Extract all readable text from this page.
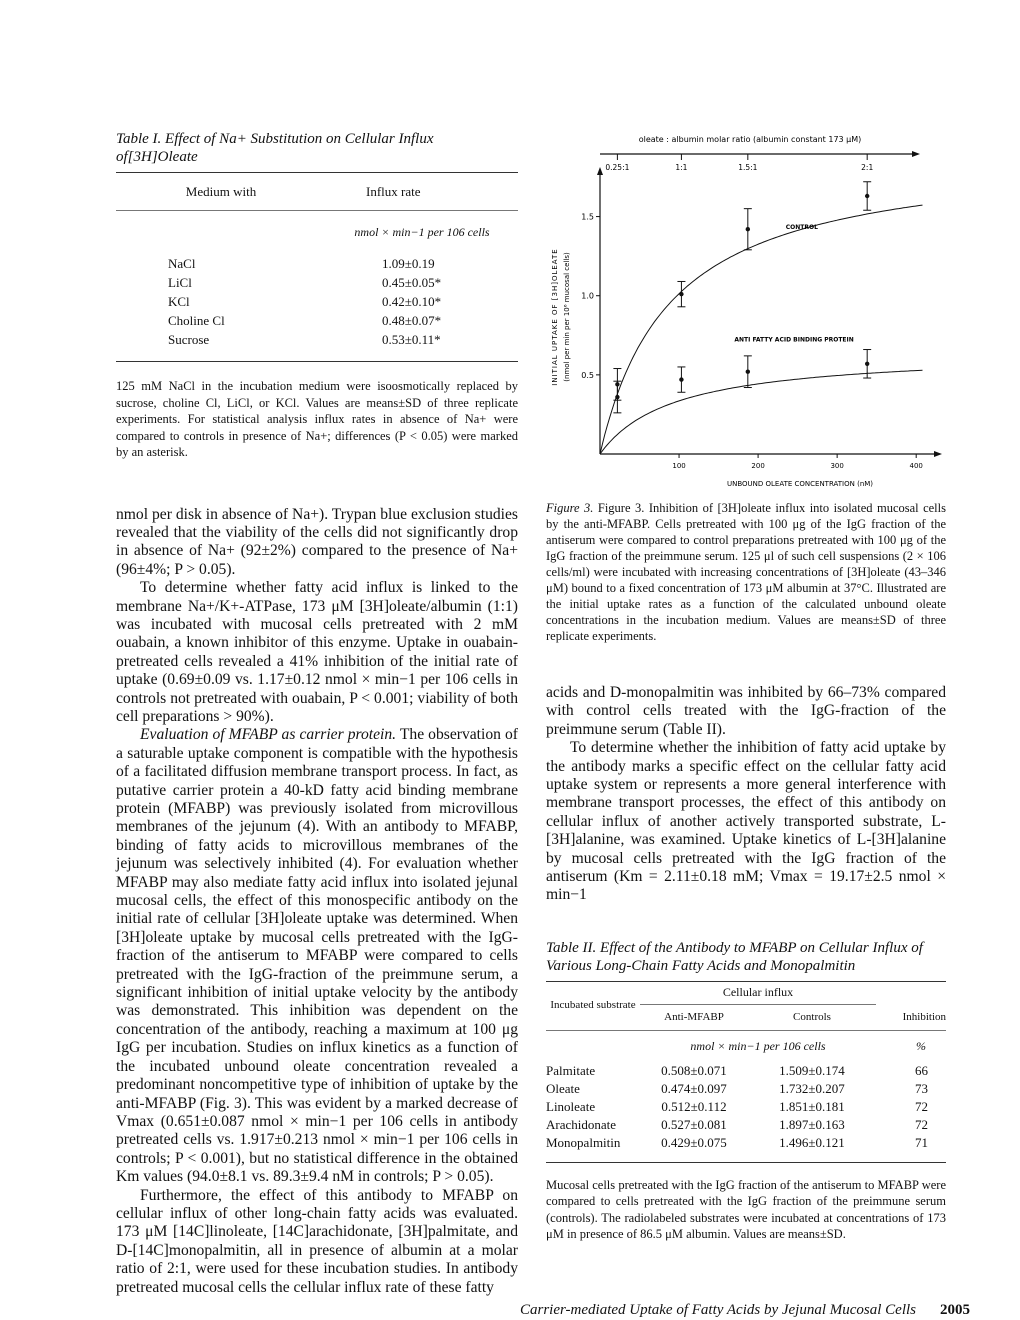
Table I. Effect of Na+ Substitution on Cellular Influx of[3H]Oleate

Medium with	Influx rate
	nmol × min−1 per 106 cells
NaCl	1.09±0.19
LiCl	0.45±0.05*
KCl	0.42±0.10*
Choline Cl	0.48±0.07*
Sucrose	0.53±0.11*

125 mM NaCl in the incubation medium were isoosmotically replaced by sucrose, choline Cl, LiCl, or KCl. Values are means±SD of three replicate experiments. For statistical analysis influx rates in absence of Na+ were compared to controls in presence of Na+; differences (P < 0.05) were marked by an asterisk.

nmol per disk in absence of Na+). Trypan blue exclusion studies revealed that the viability of the cells did not significantly drop in absence of Na+ (92±2%) compared to the presence of Na+ (96±4%; P > 0.05).

To determine whether fatty acid influx is linked to the membrane Na+/K+-ATPase, 173 μM [3H]oleate/albumin (1:1) was incubated with mucosal cells pretreated with 2 mM ouabain, a known inhibitor of this enzyme. Uptake in ouabain-pretreated cells revealed a 41% inhibition of the initial rate of uptake (0.69±0.09 vs. 1.17±0.12 nmol × min−1 per 106 cells in controls not pretreated with ouabain, P < 0.001; viability of both cell preparations > 90%).

Evaluation of MFABP as carrier protein. The observation of a saturable uptake component is compatible with the hypothesis of a facilitated diffusion membrane transport process. In fact, as putative carrier protein a 40-kD fatty acid binding membrane protein (MFABP) was previously isolated from microvillous membranes of the jejunum (4). With an antibody to MFABP, binding of fatty acids to microvillous membranes of the jejunum was selectively inhibited (4). For evaluation whether MFABP may also mediate fatty acid influx into isolated jejunal mucosal cells, the effect of this monospecific antibody on the initial rate of cellular [3H]oleate uptake was determined. When [3H]oleate uptake by mucosal cells pretreated with the IgG-fraction of the antiserum to MFABP were compared to cells pretreated with the IgG-fraction of the preimmune serum, a significant inhibition of initial uptake velocity by the antibody was demonstrated. This inhibition was dependent on the concentration of the antibody, reaching a maximum at 100 μg IgG per incubation. Studies on influx kinetics as a function of the incubated unbound oleate concentration revealed a predominant noncompetitive type of inhibition of uptake by the anti-MFABP (Fig. 3). This was evident by a marked decrease of Vmax (0.651±0.087 nmol × min−1 per 106 cells in antibody pretreated cells vs. 1.917±0.213 nmol × min−1 per 106 cells in controls; P < 0.001), but no statistical difference in the obtained Km values (94.0±8.1 vs. 89.3±9.4 nM in controls; P > 0.05).

Furthermore, the effect of this antibody to MFABP on cellular influx of other long-chain fatty acids was evaluated. 173 μM [14C]linoleate, [14C]arachidonate, [3H]palmitate, and D-[14C]monopalmitin, all in presence of albumin at a molar ratio of 2:1, were used for these incubation studies. In antibody pretreated mucosal cells the cellular influx rate of these fatty

oleate : albumin molar ratio (albumin constant 173 μM)
0.25:1	1:1	1.5:1	2:1
100	200	300	400
0.5
1.0
1.5
CONTROL
ANTI FATTY ACID BINDING PROTEIN
INITIAL UPTAKE OF [3H]OLEATE (nmol per min per 10⁶ mucosal cells)
UNBOUND OLEATE CONCENTRATION (nM)

Figure 3. Figure 3. Inhibition of [3H]oleate influx into isolated mucosal cells by the anti-MFABP. Cells pretreated with 100 μg of the IgG fraction of the antiserum were compared to control preparations pretreated with 100 μg of the IgG fraction of the preimmune serum. 125 μl of such cell suspensions (2 × 106 cells/ml) were incubated with increasing concentrations of [3H]oleate (43–346 μM) bound to a fixed concentration of 173 μM albumin at 37°C. Illustrated are the initial uptake rates as a function of the calculated unbound oleate concentrations in the incubation medium. Values are means±SD of three replicate experiments.

acids and D-monopalmitin was inhibited by 66–73% compared with control cells treated with the IgG-fraction of the preimmune serum (Table II).

To determine whether the inhibition of fatty acid uptake by the antibody marks a specific effect on the cellular fatty acid uptake system or represents a more general interference with membrane transport processes, the effect of this antibody on cellular influx of another actively transported substrate, L-[3H]alanine, was examined. Uptake kinetics of L-[3H]alanine by mucosal cells pretreated with the IgG fraction of the antiserum (Km = 2.11±0.18 mM; Vmax = 19.17±2.5 nmol × min−1

Table II. Effect of the Antibody to MFABP on Cellular Influx of Various Long-Chain Fatty Acids and Monopalmitin

Incubated substrate	Cellular influx		
	Anti-MFABP	Controls	Inhibition
	nmol × min−1 per 106 cells		%
Palmitate	0.508±0.071	1.509±0.174	66
Oleate	0.474±0.097	1.732±0.207	73
Linoleate	0.512±0.112	1.851±0.181	72
Arachidonate	0.527±0.081	1.897±0.163	72
Monopalmitin	0.429±0.075	1.496±0.121	71

Mucosal cells pretreated with the IgG fraction of the antiserum to MFABP were compared to cells pretreated with the IgG fraction of the preimmune serum (controls). The radiolabeled substrates were incubated at concentrations of 173 μM in presence of 86.5 μM albumin. Values are means±SD.

Carrier-mediated Uptake of Fatty Acids by Jejunal Mucosal Cells 2005
